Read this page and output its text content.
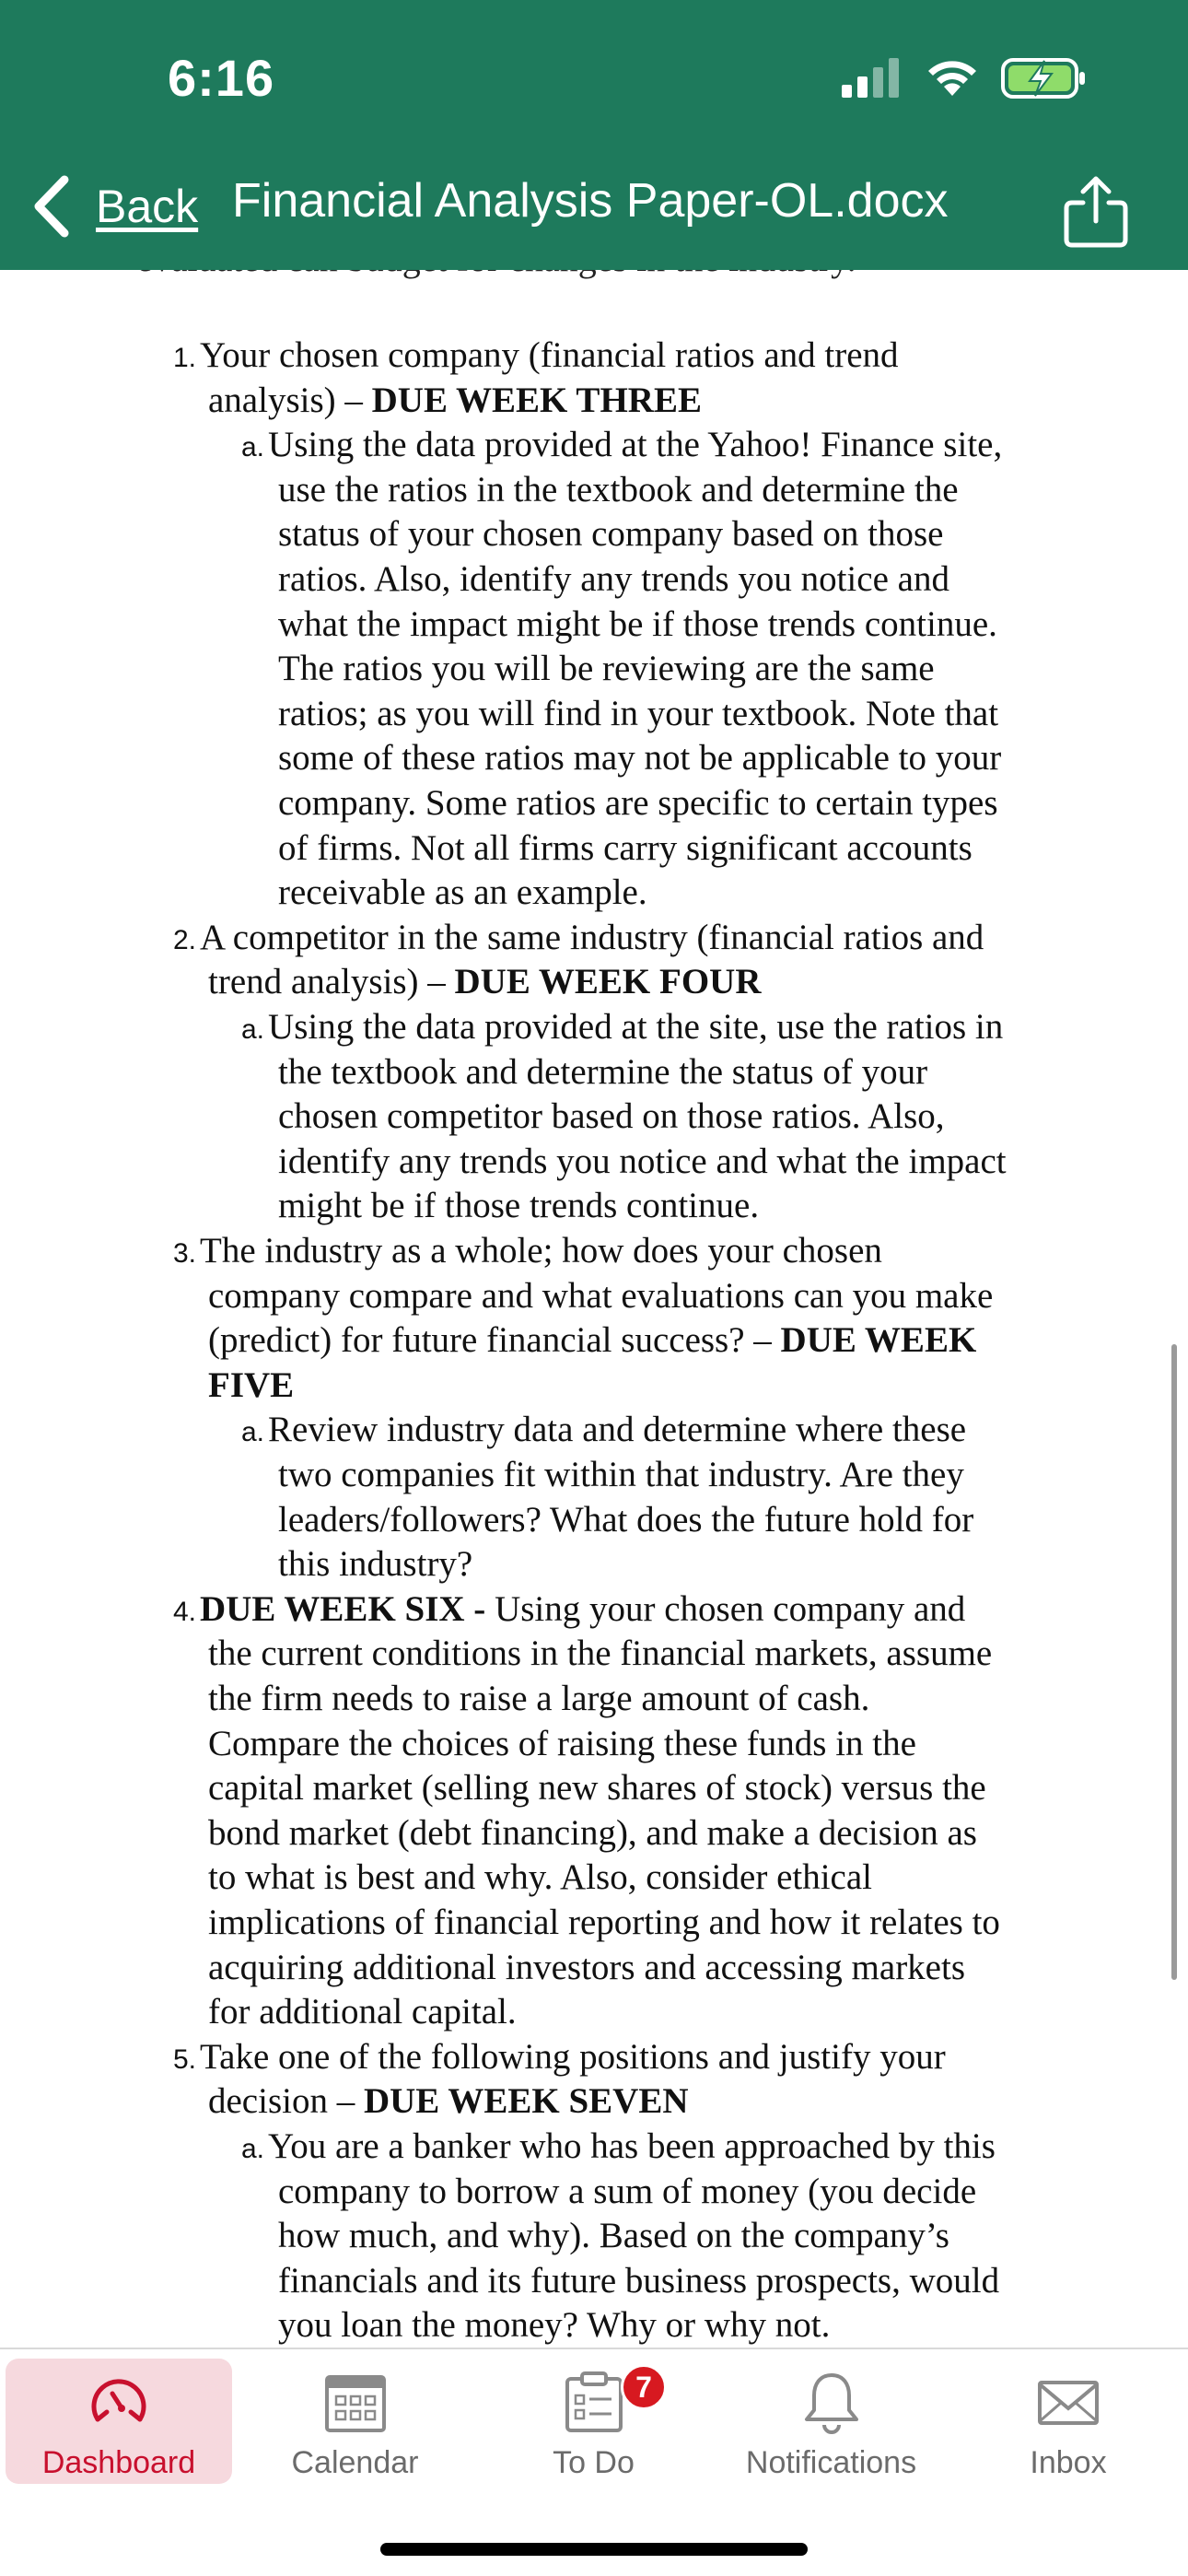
6:16
Back Financial Analysis Paper-OL.docx
1. Your chosen company (financial ratios and trend
analysis) – DUE WEEK THREE
a. Using the data provided at the Yahoo! Finance site,
use the ratios in the textbook and determine the
status of your chosen company based on those
ratios. Also, identify any trends you notice and
what the impact might be if those trends continue.
The ratios you will be reviewing are the same
ratios; as you will find in your textbook. Note that
some of these ratios may not be applicable to your
company. Some ratios are specific to certain types
of firms. Not all firms carry significant accounts
receivable as an example.
2. A competitor in the same industry (financial ratios and
trend analysis) – DUE WEEK FOUR
a. Using the data provided at the site, use the ratios in
the textbook and determine the status of your
chosen competitor based on those ratios. Also,
identify any trends you notice and what the impact
might be if those trends continue.
3. The industry as a whole; how does your chosen
company compare and what evaluations can you make
(predict) for future financial success? – DUE WEEK
FIVE
a. Review industry data and determine where these
two companies fit within that industry. Are they
leaders/followers? What does the future hold for
this industry?
4. DUE WEEK SIX - Using your chosen company and
the current conditions in the financial markets, assume
the firm needs to raise a large amount of cash.
Compare the choices of raising these funds in the
capital market (selling new shares of stock) versus the
bond market (debt financing), and make a decision as
to what is best and why. Also, consider ethical
implications of financial reporting and how it relates to
acquiring additional investors and accessing markets
for additional capital.
5. Take one of the following positions and justify your
decision – DUE WEEK SEVEN
a. You are a banker who has been approached by this
company to borrow a sum of money (you decide
how much, and why). Based on the company’s
financials and its future business prospects, would
you loan the money? Why or why not.
Dashboard	Calendar
7
To Do	Notifications	Inbox
